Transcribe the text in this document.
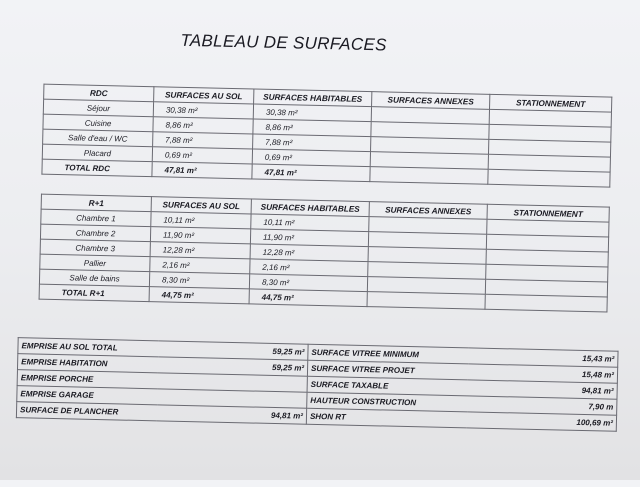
TABLEAU DE SURFACES
RDC	SURFACES AU SOL	SURFACES HABITABLES	SURFACES ANNEXES	STATIONNEMENT
Séjour	30,38 m²	30,38 m²		
Cuisine	8,86 m²	8,86 m²		
Salle d'eau / WC	7,88 m²	7,88 m²		
Placard	0,69 m²	0,69 m²		
TOTAL RDC	47,81 m²	47,81 m²		
R+1	SURFACES AU SOL	SURFACES HABITABLES	SURFACES ANNEXES	STATIONNEMENT
Chambre 1	10,11 m²	10,11 m²		
Chambre 2	11,90 m²	11,90 m²		
Chambre 3	12,28 m²	12,28 m²		
Pallier	2,16 m²	2,16 m²		
Salle de bains	8,30 m²	8,30 m²		
TOTAL R+1	44,75 m²	44,75 m²		
EMPRISE AU SOL TOTAL	59,25 m²	SURFACE VITREE MINIMUM	15,43 m²
EMPRISE HABITATION	59,25 m²	SURFACE VITREE PROJET	15,48 m²
EMPRISE PORCHE		SURFACE TAXABLE	94,81 m²
EMPRISE GARAGE		HAUTEUR CONSTRUCTION	7,90 m
SURFACE DE PLANCHER	94,81 m²	SHON RT	100,69 m²
